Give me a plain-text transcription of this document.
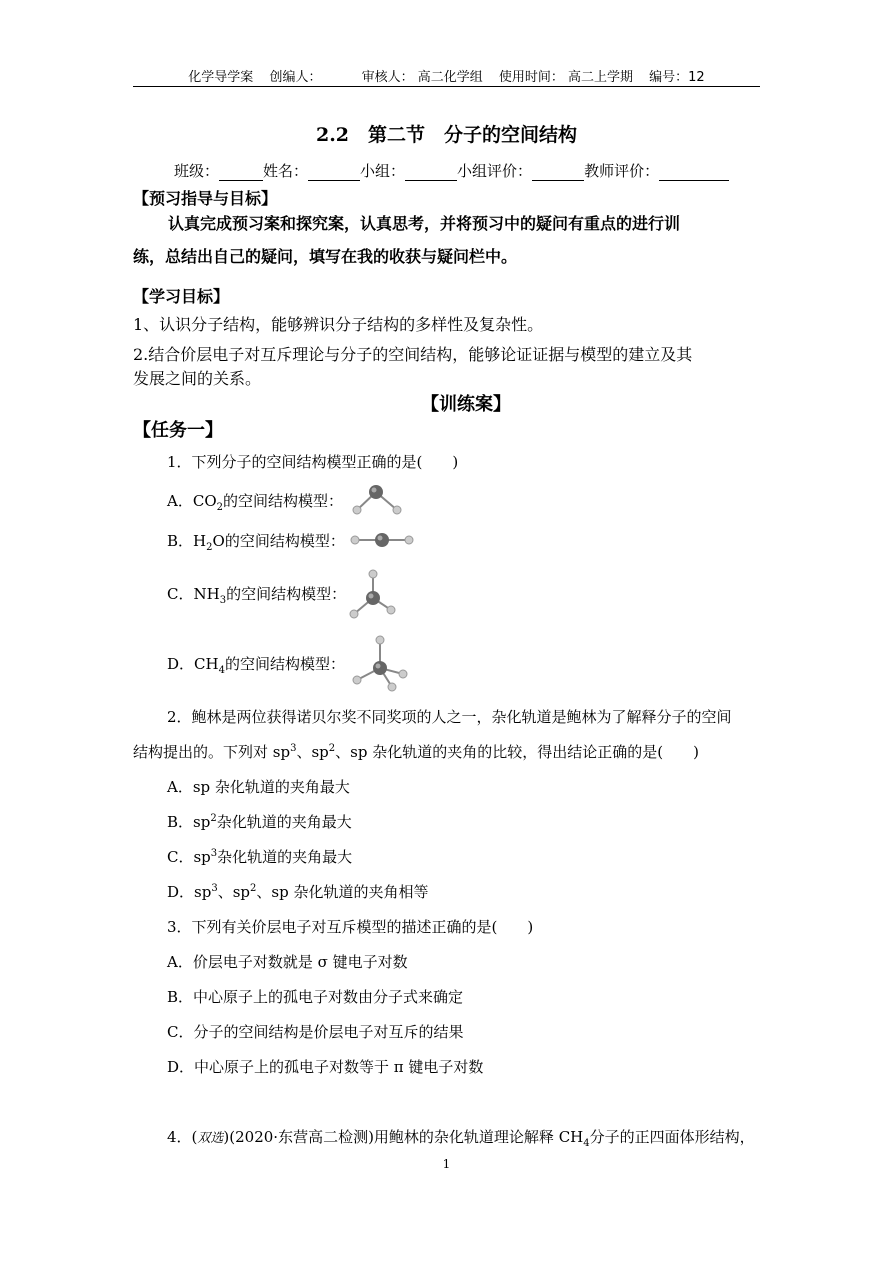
化学导学案 创编人：	审核人： 高二化学组 使用时间： 高二上学期 编号：12
2.2　第二节　分子的空间结构
班级：	姓名：	小组：	小组评价：	教师评价：
【预习指导与目标】
认真完成预习案和探究案，认真思考，并将预习中的疑问有重点的进行训
练，总结出自己的疑问，填写在我的收获与疑问栏中。
【学习目标】
1、认识分子结构，能够辨识分子结构的多样性及复杂性。
2.结合价层电子对互斥理论与分子的空间结构，能够论证证据与模型的建立及其
发展之间的关系。
【训练案】
【任务一】
1．下列分子的空间结构模型正确的是(　　)
A．$CO_2$的空间结构模型：
B．$H_2O$的空间结构模型：
C．$NH_3$的空间结构模型：
D．$CH_4$的空间结构模型：
2．鲍林是两位获得诺贝尔奖不同奖项的人之一，杂化轨道是鲍林为了解释分子的空间
结构提出的。下列对 $sp^3$、$sp^2$、sp 杂化轨道的夹角的比较，得出结论正确的是(　　)
A．sp 杂化轨道的夹角最大
B．$sp^2$杂化轨道的夹角最大
C．$sp^3$杂化轨道的夹角最大
D．$sp^3$、$sp^2$、sp 杂化轨道的夹角相等
3．下列有关价层电子对互斥模型的描述正确的是(　　)
A．价层电子对数就是 σ 键电子对数
B．中心原子上的孤电子对数由分子式来确定
C．分子的空间结构是价层电子对互斥的结果
D．中心原子上的孤电子对数等于 π 键电子对数
4．(双选)(2020·东营高二检测)用鲍林的杂化轨道理论解释 $CH_4$分子的正四面体形结构，
1
